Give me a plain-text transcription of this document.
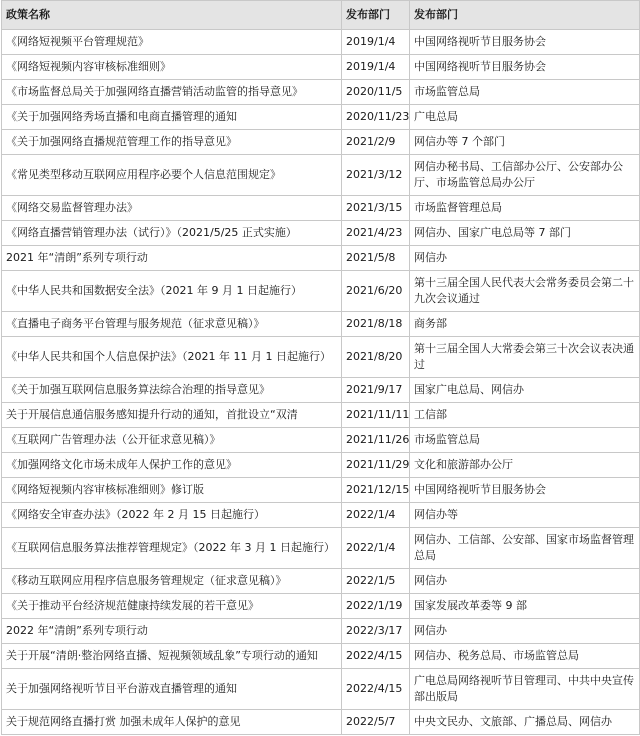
政策名称	发布部门	发布部门
《网络短视频平台管理规范》	2019/1/4	中国网络视听节目服务协会
《网络短视频内容审核标准细则》	2019/1/4	中国网络视听节目服务协会
《市场监督总局关于加强网络直播营销活动监管的指导意见》	2020/11/5	市场监管总局
《关于加强网络秀场直播和电商直播管理的通知	2020/11/23	广电总局
《关于加强网络直播规范管理工作的指导意见》	2021/2/9	网信办等 7 个部门
《常见类型移动互联网应用程序必要个人信息范围规定》	2021/3/12	网信办秘书局、工信部办公厅、公安部办公厅、市场监管总局办公厅
《网络交易监督管理办法》	2021/3/15	市场监督管理总局
《网络直播营销管理办法（试行）》（2021/5/25 正式实施）	2021/4/23	网信办、国家广电总局等 7 部门
2021 年“清朗”系列专项行动	2021/5/8	网信办
《中华人民共和国数据安全法》（2021 年 9 月 1 日起施行）	2021/6/20	第十三届全国人民代表大会常务委员会第二十九次会议通过
《直播电子商务平台管理与服务规范（征求意见稿）》	2021/8/18	商务部
《中华人民共和国个人信息保护法》（2021 年 11 月 1 日起施行）	2021/8/20	第十三届全国人大常委会第三十次会议表决通过
《关于加强互联网信息服务算法综合治理的指导意见》	2021/9/17	国家广电总局、网信办
关于开展信息通信服务感知提升行动的通知，首批设立“双清	2021/11/11	工信部
《互联网广告管理办法（公开征求意见稿）》	2021/11/26	市场监管总局
《加强网络文化市场未成年人保护工作的意见》	2021/11/29	文化和旅游部办公厅
《网络短视频内容审核标准细则》修订版	2021/12/15	中国网络视听节目服务协会
《网络安全审查办法》（2022 年 2 月 15 日起施行）	2022/1/4	网信办等
《互联网信息服务算法推荐管理规定》（2022 年 3 月 1 日起施行）	2022/1/4	网信办、工信部、公安部、国家市场监督管理总局
《移动互联网应用程序信息服务管理规定（征求意见稿）》	2022/1/5	网信办
《关于推动平台经济规范健康持续发展的若干意见》	2022/1/19	国家发展改革委等 9 部
2022 年“清朗”系列专项行动	2022/3/17	网信办
关于开展“清朗·整治网络直播、短视频领域乱象”专项行动的通知	2022/4/15	网信办、税务总局、市场监管总局
关于加强网络视听节目平台游戏直播管理的通知	2022/4/15	广电总局网络视听节目管理司、中共中央宣传部出版局
关于规范网络直播打赏 加强未成年人保护的意见	2022/5/7	中央文民办、文旅部、广播总局、网信办
